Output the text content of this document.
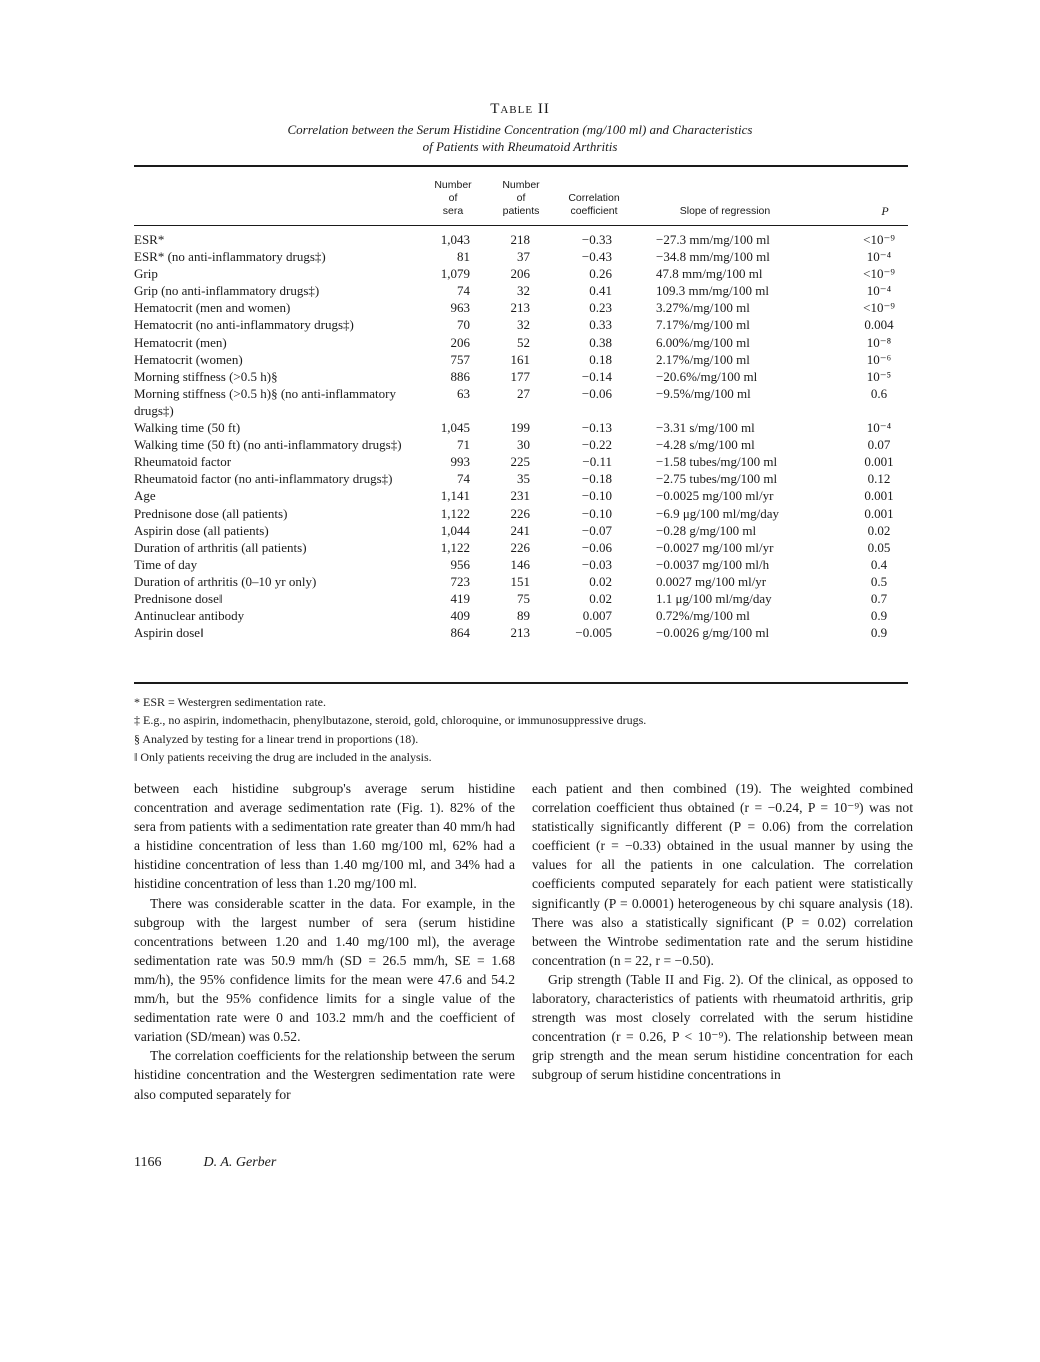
Table II
Correlation between the Serum Histidine Concentration (mg/100 ml) and Characteristics
of Patients with Rheumatoid Arthritis
Number
of
sera
Number
of
patients
Correlation
coefficient	Slope of regression	P
ESR*	1,043	218	−0.33	−27.3 mm/mg/100 ml	<10⁻⁹
ESR* (no anti-inflammatory drugs‡)	81	37	−0.43	−34.8 mm/mg/100 ml	10⁻⁴
Grip	1,079	206	0.26	47.8 mm/mg/100 ml	<10⁻⁹
Grip (no anti-inflammatory drugs‡)	74	32	0.41	109.3 mm/mg/100 ml	10⁻⁴
Hematocrit (men and women)	963	213	0.23	3.27%/mg/100 ml	<10⁻⁹
Hematocrit (no anti-inflammatory drugs‡)	70	32	0.33	7.17%/mg/100 ml	0.004
Hematocrit (men)	206	52	0.38	6.00%/mg/100 ml	10⁻⁸
Hematocrit (women)	757	161	0.18	2.17%/mg/100 ml	10⁻⁶
Morning stiffness (>0.5 h)§	886	177	−0.14	−20.6%/mg/100 ml	10⁻⁵
Morning stiffness (>0.5 h)§ (no anti-inflammatory drugs‡)
63	27	−0.06	−9.5%/mg/100 ml	0.6
Walking time (50 ft)	1,045	199	−0.13	−3.31 s/mg/100 ml	10⁻⁴
Walking time (50 ft) (no anti-inflammatory drugs‡)	71	30	−0.22	−4.28 s/mg/100 ml	0.07
Rheumatoid factor	993	225	−0.11	−1.58 tubes/mg/100 ml	0.001
Rheumatoid factor (no anti-inflammatory drugs‡)	74	35	−0.18	−2.75 tubes/mg/100 ml	0.12
Age	1,141	231	−0.10	−0.0025 mg/100 ml/yr	0.001
Prednisone dose (all patients)	1,122	226	−0.10	−6.9 μg/100 ml/mg/day	0.001
Aspirin dose (all patients)	1,044	241	−0.07	−0.28 g/mg/100 ml	0.02
Duration of arthritis (all patients)	1,122	226	−0.06	−0.0027 mg/100 ml/yr	0.05
Time of day	956	146	−0.03	−0.0037 mg/100 ml/h	0.4
Duration of arthritis (0–10 yr only)	723	151	0.02	0.0027 mg/100 ml/yr	0.5
Prednisone dose‖	419	75	0.02	1.1 μg/100 ml/mg/day	0.7
Antinuclear antibody	409	89	0.007	0.72%/mg/100 ml	0.9
Aspirin dose‖	864	213	−0.005	−0.0026 g/mg/100 ml	0.9
* ESR = Westergren sedimentation rate.
‡ E.g., no aspirin, indomethacin, phenylbutazone, steroid, gold, chloroquine, or immunosuppressive drugs.
§ Analyzed by testing for a linear trend in proportions (18).
‖ Only patients receiving the drug are included in the analysis.

between each histidine subgroup's average serum histidine concentration and average sedimentation rate (Fig. 1). 82% of the sera from patients with a sedimentation rate greater than 40 mm/h had a histidine concentration of less than 1.60 mg/100 ml, 62% had a histidine concentration of less than 1.40 mg/100 ml, and 34% had a histidine concentration of less than 1.20 mg/100 ml.

There was considerable scatter in the data. For example, in the subgroup with the largest number of sera (serum histidine concentrations between 1.20 and 1.40 mg/100 ml), the average sedimentation rate was 50.9 mm/h (SD = 26.5 mm/h, SE = 1.68 mm/h), the 95% confidence limits for the mean were 47.6 and 54.2 mm/h, but the 95% confidence limits for a single value of the sedimentation rate were 0 and 103.2 mm/h and the coefficient of variation (SD/mean) was 0.52.

The correlation coefficients for the relationship between the serum histidine concentration and the Westergren sedimentation rate were also computed separately for

each patient and then combined (19). The weighted combined correlation coefficient thus obtained (r = −0.24, P = 10⁻⁹) was not statistically significantly different (P = 0.06) from the correlation coefficient (r = −0.33) obtained in the usual manner by using the values for all the patients in one calculation. The correlation coefficients computed separately for each patient were statistically significantly (P = 0.0001) heterogeneous by chi square analysis (18). There was also a statistically significant (P = 0.02) correlation between the Wintrobe sedimentation rate and the serum histidine concentration (n = 22, r = −0.50).

Grip strength (Table II and Fig. 2). Of the clinical, as opposed to laboratory, characteristics of patients with rheumatoid arthritis, grip strength was most closely correlated with the serum histidine concentration (r = 0.26, P < 10⁻⁹). The relationship between mean grip strength and the mean serum histidine concentration for each subgroup of serum histidine concentrations in

1166	D. A. Gerber
